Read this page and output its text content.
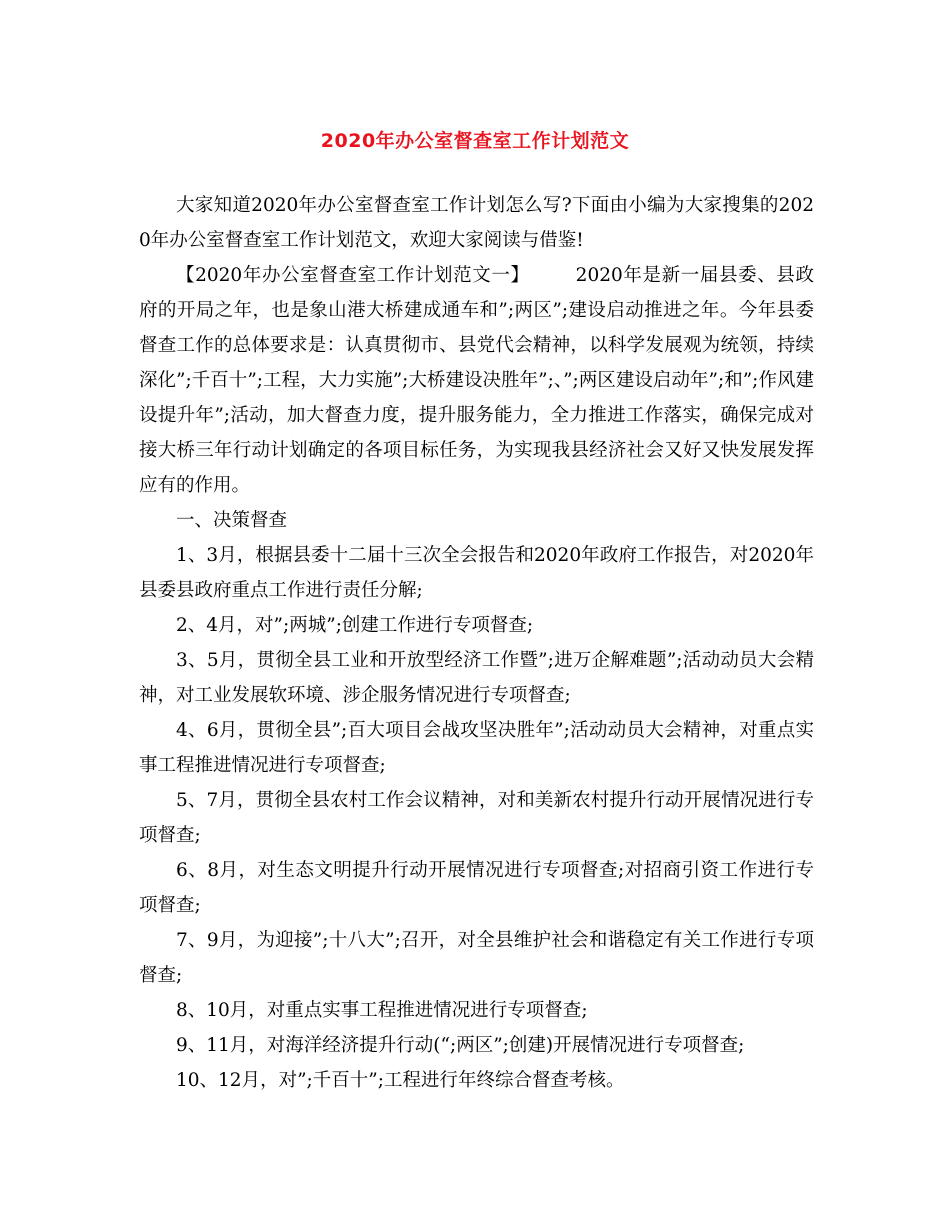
2020年办公室督查室工作计划范文

大家知道2020年办公室督查室工作计划怎么写?下面由小编为大家搜集的2020年办公室督查室工作计划范文，欢迎大家阅读与借鉴!

【2020年办公室督查室工作计划范文一】 2020年是新一届县委、县政府的开局之年，也是象山港大桥建成通车和”;两区”;建设启动推进之年。今年县委督查工作的总体要求是：认真贯彻市、县党代会精神，以科学发展观为统领，持续深化”;千百十”;工程，大力实施”;大桥建设决胜年”;、”;两区建设启动年”;和”;作风建设提升年”;活动，加大督查力度，提升服务能力，全力推进工作落实，确保完成对接大桥三年行动计划确定的各项目标任务，为实现我县经济社会又好又快发展发挥应有的作用。

一、决策督查

1、3月，根据县委十二届十三次全会报告和2020年政府工作报告，对2020年县委县政府重点工作进行责任分解;

2、4月，对”;两城”;创建工作进行专项督查;

3、5月，贯彻全县工业和开放型经济工作暨”;进万企解难题”;活动动员大会精神，对工业发展软环境、涉企服务情况进行专项督查;

4、6月，贯彻全县”;百大项目会战攻坚决胜年”;活动动员大会精神，对重点实事工程推进情况进行专项督查;

5、7月，贯彻全县农村工作会议精神，对和美新农村提升行动开展情况进行专项督查;

6、8月，对生态文明提升行动开展情况进行专项督查;对招商引资工作进行专项督查;

7、9月，为迎接”;十八大”;召开，对全县维护社会和谐稳定有关工作进行专项督查;

8、10月，对重点实事工程推进情况进行专项督查;

9、11月，对海洋经济提升行动(“;两区”;创建)开展情况进行专项督查;

10、12月，对”;千百十”;工程进行年终综合督查考核。
